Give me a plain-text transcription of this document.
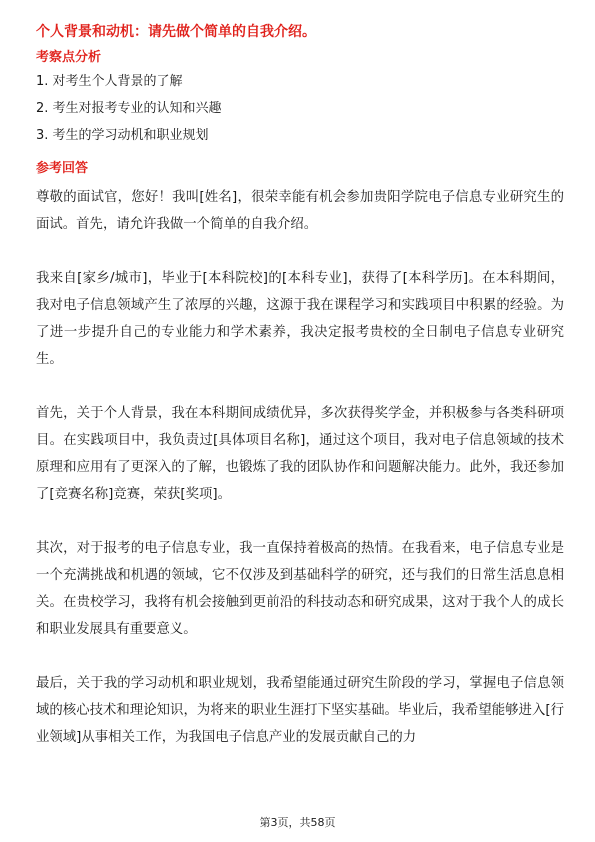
个人背景和动机：请先做个简单的自我介绍。
考察点分析
1. 对考生个人背景的了解
2. 考生对报考专业的认知和兴趣
3. 考生的学习动机和职业规划
参考回答

尊敬的面试官，您好！我叫[姓名]，很荣幸能有机会参加贵阳学院电子信息专业研究生的面试。首先，请允许我做一个简单的自我介绍。

我来自[家乡/城市]，毕业于[本科院校]的[本科专业]，获得了[本科学历]。在本科期间，我对电子信息领域产生了浓厚的兴趣，这源于我在课程学习和实践项目中积累的经验。为了进一步提升自己的专业能力和学术素养，我决定报考贵校的全日制电子信息专业研究生。

首先，关于个人背景，我在本科期间成绩优异，多次获得奖学金，并积极参与各类科研项目。在实践项目中，我负责过[具体项目名称]，通过这个项目，我对电子信息领域的技术原理和应用有了更深入的了解，也锻炼了我的团队协作和问题解决能力。此外，我还参加了[竞赛名称]竞赛，荣获[奖项]。

其次，对于报考的电子信息专业，我一直保持着极高的热情。在我看来，电子信息专业是一个充满挑战和机遇的领域，它不仅涉及到基础科学的研究，还与我们的日常生活息息相关。在贵校学习，我将有机会接触到更前沿的科技动态和研究成果，这对于我个人的成长和职业发展具有重要意义。

最后，关于我的学习动机和职业规划，我希望能通过研究生阶段的学习，掌握电子信息领域的核心技术和理论知识，为将来的职业生涯打下坚实基础。毕业后，我希望能够进入[行业领域]从事相关工作，为我国电子信息产业的发展贡献自己的力

第3页，共58页
